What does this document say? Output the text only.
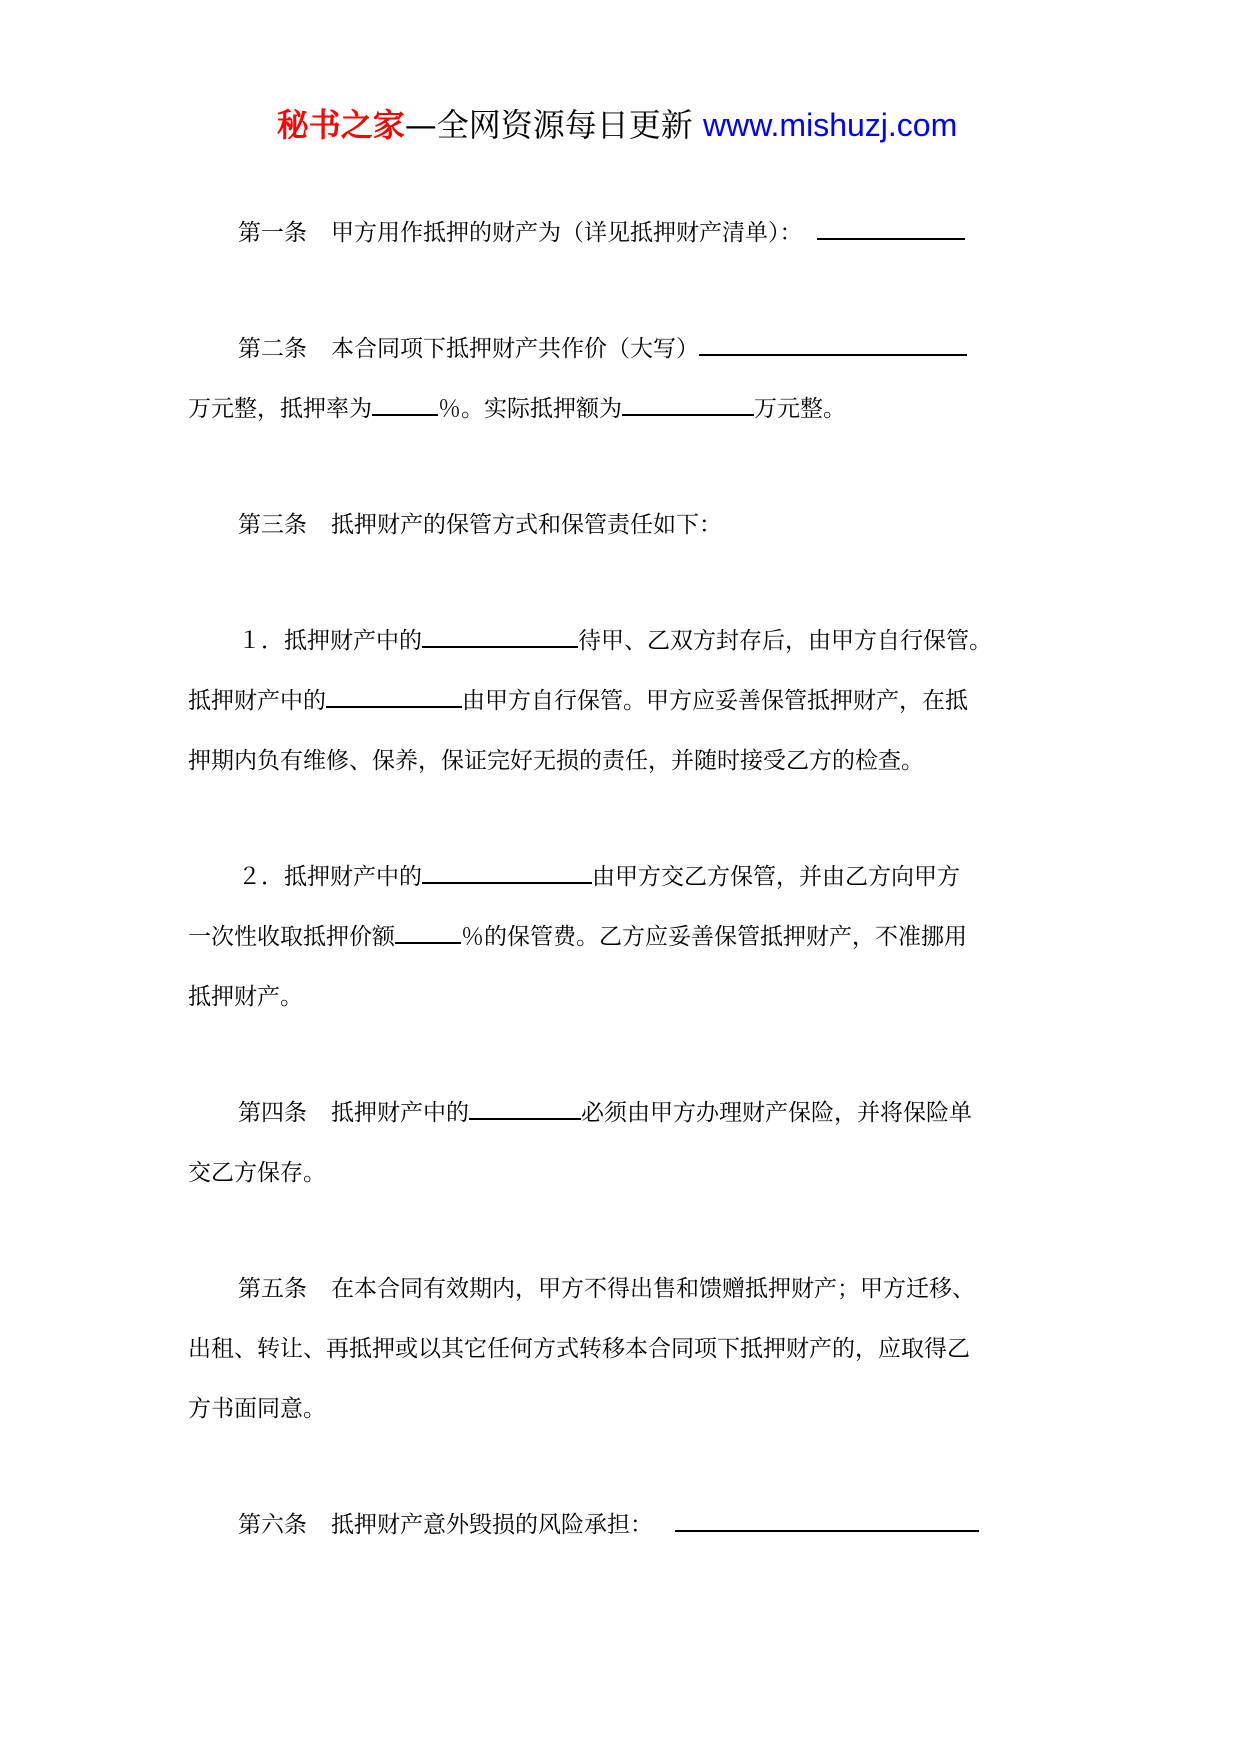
秘书之家—全网资源每日更新 www.mishuzj.com

第一条 甲方用作抵押的财产为（详见抵押财产清单）：

第二条 本合同项下抵押财产共作价（大写）

万元整，抵押率为	％。实际抵押额为	万元整。

第三条 抵押财产的保管方式和保管责任如下：

１．抵押财产中的	待甲、乙双方封存后，由甲方自行保管。

抵押财产中的	由甲方自行保管。甲方应妥善保管抵押财产，在抵

押期内负有维修、保养，保证完好无损的责任，并随时接受乙方的检查。

２．抵押财产中的	由甲方交乙方保管，并由乙方向甲方

一次性收取抵押价额	％的保管费。乙方应妥善保管抵押财产，不准挪用

抵押财产。

第四条 抵押财产中的	必须由甲方办理财产保险，并将保险单

交乙方保存。

第五条 在本合同有效期内，甲方不得出售和馈赠抵押财产；甲方迁移、

出租、转让、再抵押或以其它任何方式转移本合同项下抵押财产的，应取得乙

方书面同意。

第六条 抵押财产意外毁损的风险承担：
